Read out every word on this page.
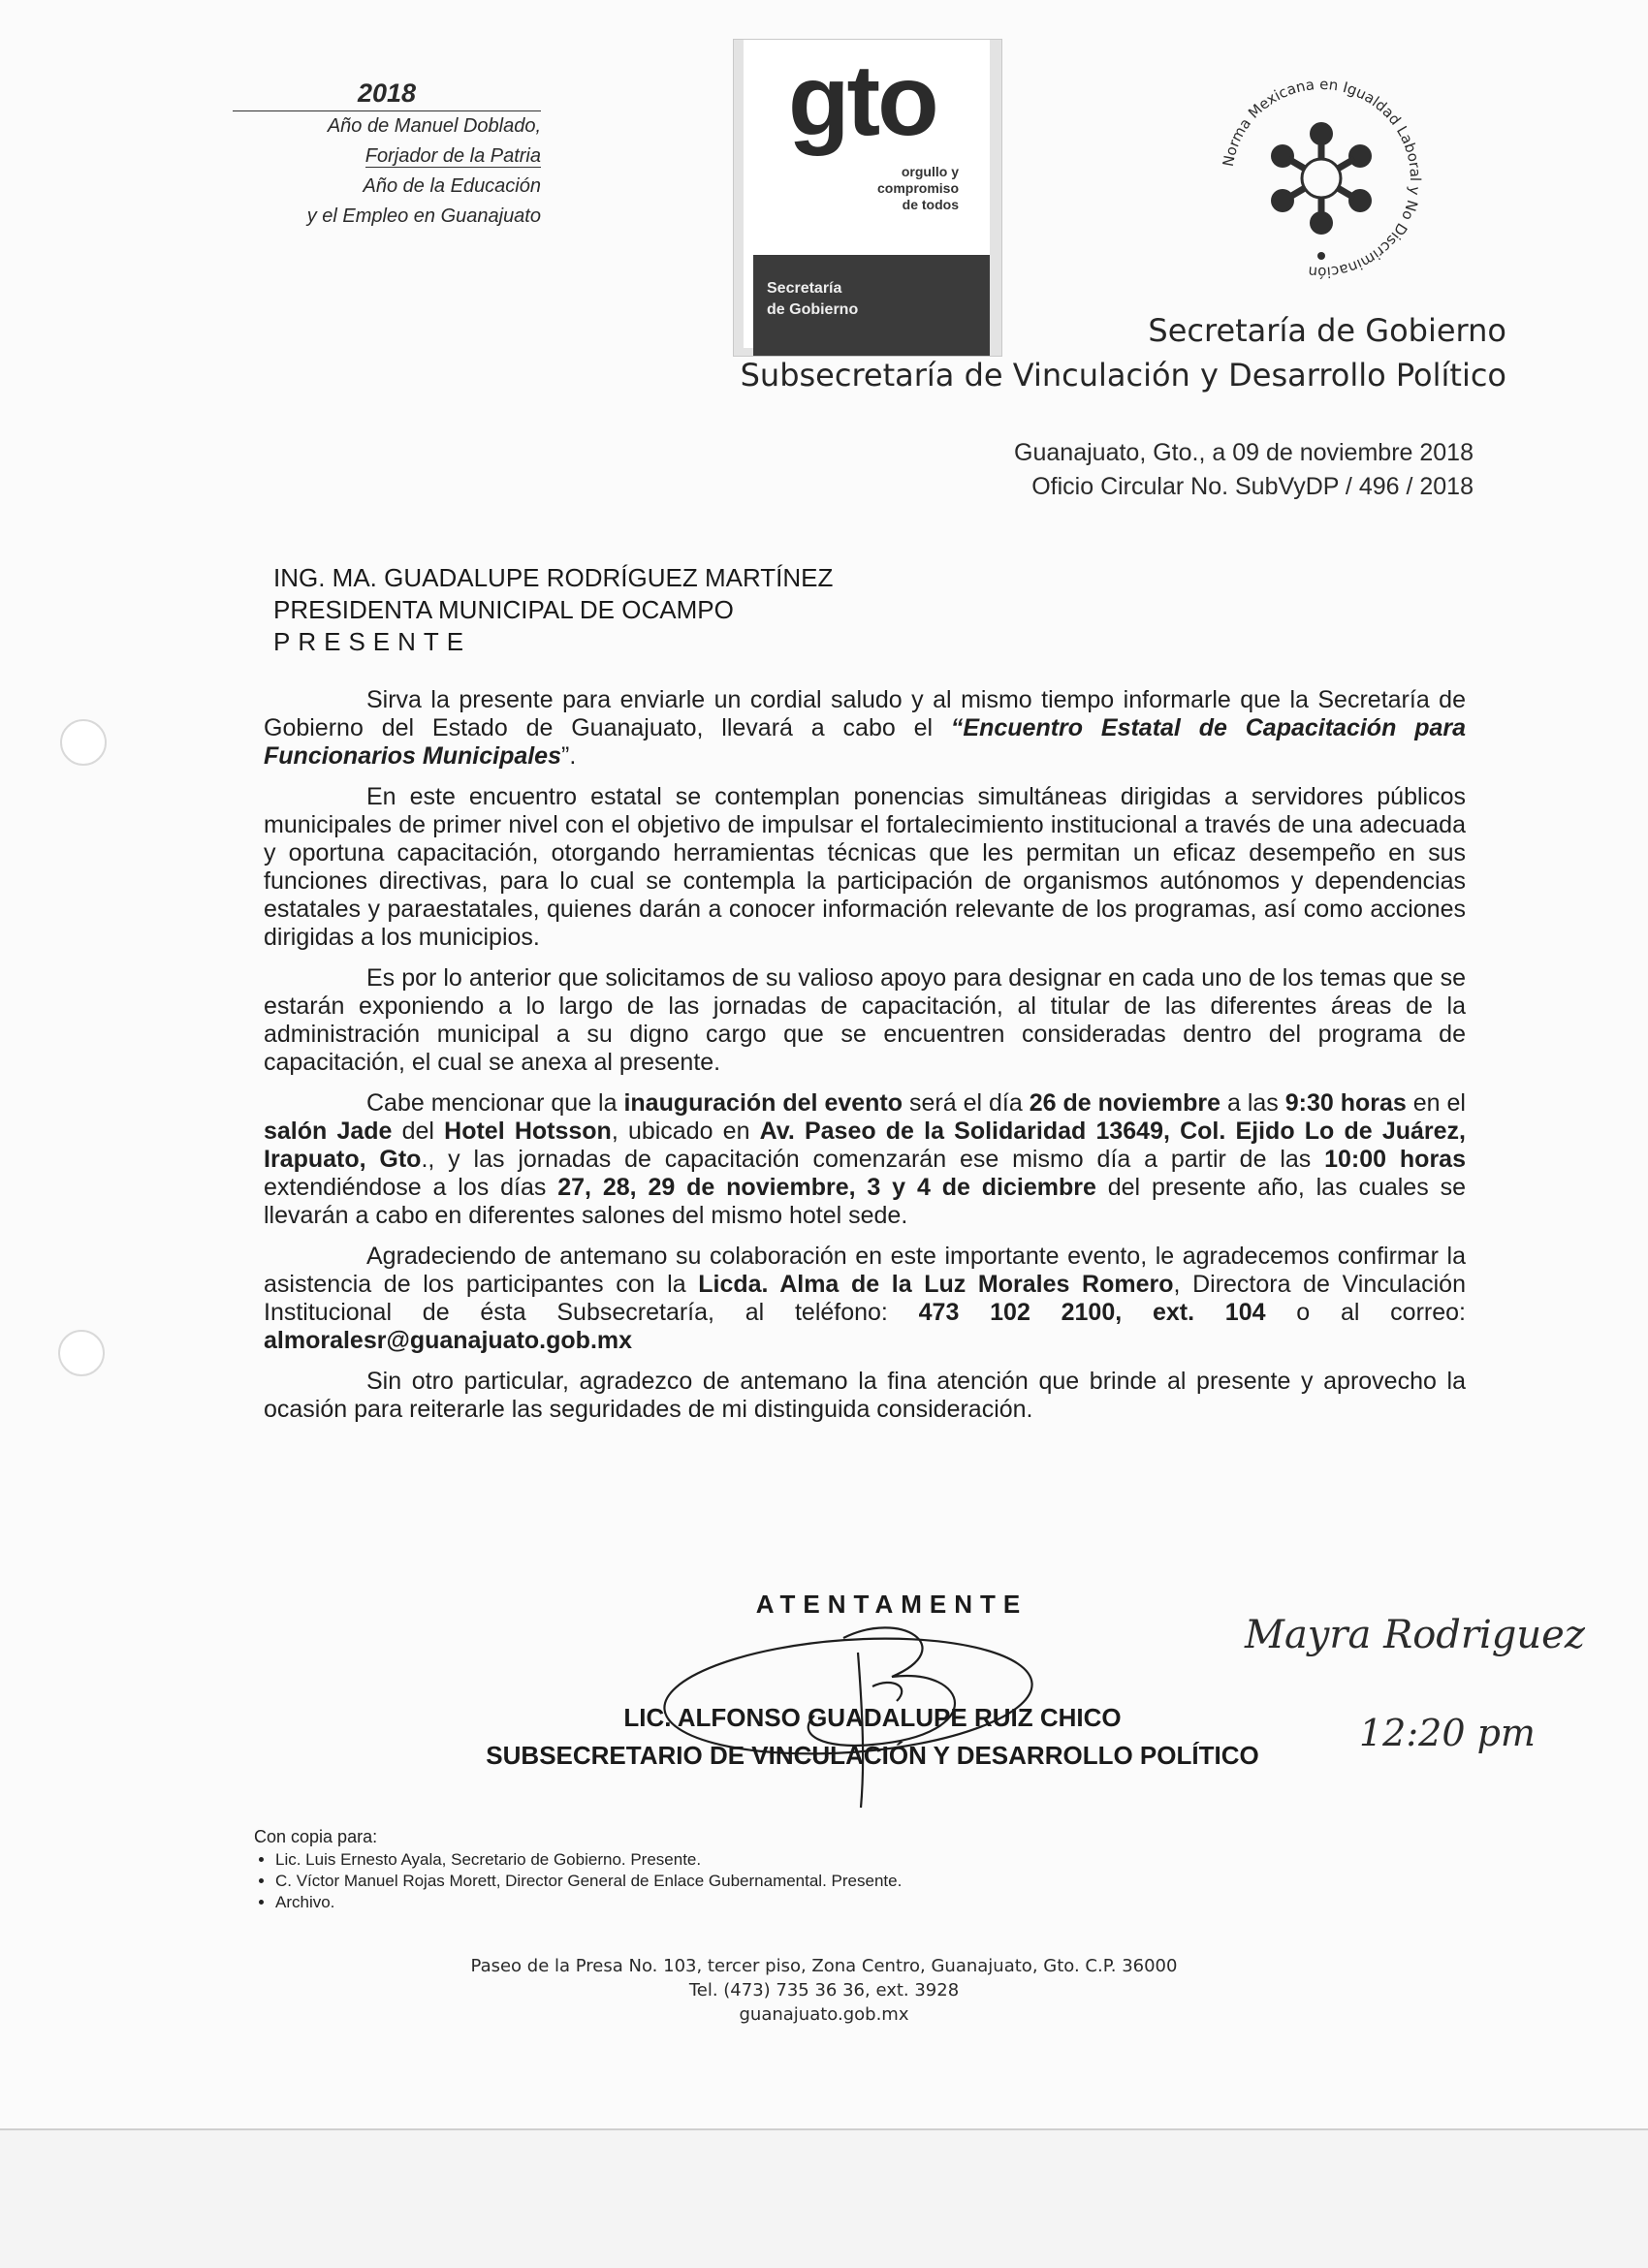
2018
Año de Manuel Doblado,
Forjador de la Patria
Año de la Educación
y el Empleo en Guanajuato
gto
orgullo y
compromiso
de todos
Secretaría
de Gobierno
Norma Mexicana en Igualdad Laboral y No Discriminación
Secretaría de Gobierno
Subsecretaría de Vinculación y Desarrollo Político
Guanajuato, Gto., a 09 de noviembre 2018
Oficio Circular No. SubVyDP / 496 / 2018
ING. MA. GUADALUPE RODRÍGUEZ MARTÍNEZ
PRESIDENTA MUNICIPAL DE OCAMPO
PRESENTE

Sirva la presente para enviarle un cordial saludo y al mismo tiempo informarle que la Secretaría de Gobierno del Estado de Guanajuato, llevará a cabo el “Encuentro Estatal de Capacitación para Funcionarios Municipales”.

En este encuentro estatal se contemplan ponencias simultáneas dirigidas a servidores públicos municipales de primer nivel con el objetivo de impulsar el fortalecimiento institucional a través de una adecuada y oportuna capacitación, otorgando herramientas técnicas que les permitan un eficaz desempeño en sus funciones directivas, para lo cual se contempla la participación de organismos autónomos y dependencias estatales y paraestatales, quienes darán a conocer información relevante de los programas, así como acciones dirigidas a los municipios.

Es por lo anterior que solicitamos de su valioso apoyo para designar en cada uno de los temas que se estarán exponiendo a lo largo de las jornadas de capacitación, al titular de las diferentes áreas de la administración municipal a su digno cargo que se encuentren consideradas dentro del programa de capacitación, el cual se anexa al presente.

Cabe mencionar que la inauguración del evento será el día 26 de noviembre a las 9:30 horas en el salón Jade del Hotel Hotsson, ubicado en Av. Paseo de la Solidaridad 13649, Col. Ejido Lo de Juárez, Irapuato, Gto., y las jornadas de capacitación comenzarán ese mismo día a partir de las 10:00 horas extendiéndose a los días 27, 28, 29 de noviembre, 3 y 4 de diciembre del presente año, las cuales se llevarán a cabo en diferentes salones del mismo hotel sede.

Agradeciendo de antemano su colaboración en este importante evento, le agradecemos confirmar la asistencia de los participantes con la Licda. Alma de la Luz Morales Romero, Directora de Vinculación Institucional de ésta Subsecretaría, al teléfono: 473 102 2100, ext. 104 o al correo: almoralesr@guanajuato.gob.mx

Sin otro particular, agradezco de antemano la fina atención que brinde al presente y aprovecho la ocasión para reiterarle las seguridades de mi distinguida consideración.

ATENTAMENTE
LIC. ALFONSO GUADALUPE RUIZ CHICO
SUBSECRETARIO DE VINCULACIÓN Y DESARROLLO POLÍTICO
Mayra Rodriguez
12:20 pm
Con copia para:
• Lic. Luis Ernesto Ayala, Secretario de Gobierno. Presente.
• C. Víctor Manuel Rojas Morett, Director General de Enlace Gubernamental. Presente.
• Archivo.
Paseo de la Presa No. 103, tercer piso, Zona Centro, Guanajuato, Gto. C.P. 36000
Tel. (473) 735 36 36, ext. 3928
guanajuato.gob.mx
